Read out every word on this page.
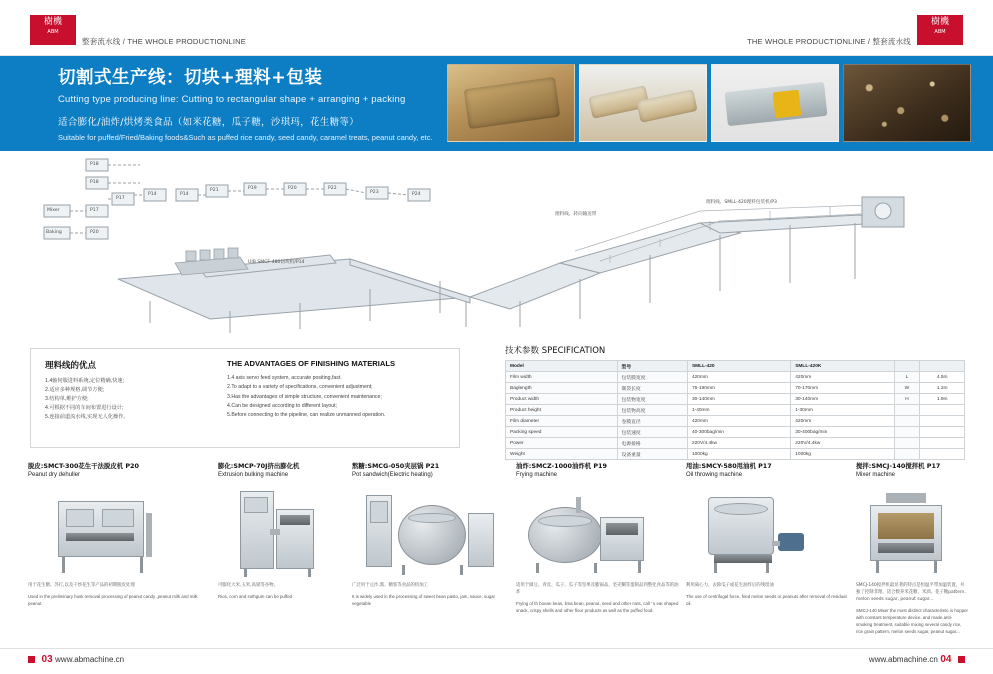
樹機
ABM
整套流水线 / THE WHOLE PRODUCTIONLINE	THE WHOLE PRODUCTIONLINE / 整套流水线
樹機
ABM
切割式生产线：切块+理料+包装
Cutting type producing line: Cutting to rectangular shape + arranging + packing
适合膨化/油炸/烘烤类食品（如米花糖，瓜子糖，沙琪玛，花生糖等）
Suitable for puffed/Fried/Baking foods&Such as puffed rice candy, seed candy, caramel treats, peanut candy, etc.
UIB SMCF-480切块机/P14
理料线、转向输送带
理料线、SMLL-420理料包装机/P3
P18
P18
P17
P14	P14
P21	P19	P20	P22
P23	P24
Mixer
Baking
P17
P20
理料线的优点
1.4轴伺服进料系统,定位精确,快速;
2.适应多种规格,调节方便;
3.结构单,维护方便;
4.可根据不同的车间布置进行设计;
5.连接前道流水线,实现无人化操作。
THE ADVANTAGES OF FINISHING MATERIALS
1.4 axis servo feed system, accurate positing,fast.
2.To adapt to a variety of specifications, convenient adjustment;
3.Has the advantages of simple structure, convenient maintenance;
4.Can be designed according to different layout;
5.Before connecting to the pipeline, can realize unmanned operation.
技术参数 SPECIFICATION
Model	型号	SMLL-420	SMLL-420K		
Film width	包装膜宽度	420mm	420mm	L	4.5m
Baglength	制袋长度	75-190mm	70-170mm	W	1.2m
Product width	包装物宽度	30-140mm	30-140mm	H	1.9m
Product height	包装物高度	1-40mm	1-30mm		
Film diameter	卷膜直径	420mm	420mm		
Packing speed	包装速度	40-300bag/min	30-400bag/min		
Power	电源接格	220V/4.4kw	220V/4.4kw		
Weight	设备重量	1000kg	1000kg		
脱皮:SMCT-300花生干法脱皮机 P20
Peanut dry dehuller
用于花生糖、苏打,以及干炒花生等产品的初期脱皮处理
Used in the preliminary husk removal processing of peanut candy ,peanut milk and milk peanut
膨化:SMCP-70J挤出膨化机
Extrusion bulking machine
可膨化大米,玉米,高梁等谷物。
Rios, corn and sothgum can be puffed
熬糖:SMCG-050夹层锅 P21
Pot sandwich(Electric heating)
广泛用于豆沙,酱、糖浆等食品的机加工
It is widely used in the processing of sweet bean pasto, jam, sauce, sugar vegetable
油炸:SMCZ-1000油炸机 P19
Frying machine
适用于做豆、青皮、瓜子、瓜子等坚果及膨锅品、坚壳糊等蛋制品到整化食品等的油炸
Frying of th boean beas, lima bean, peanut, seed and other nuts, call ' s ear shaped snack, crispy shells and other flour products as well as the puffed food.
甩油:SMCY-580甩油机 P17
Oil throwing machine
利用离心力、去除瓜子或花生油炸后的残留油
The use of centrifugal force, fried melon seeds or peanuts after removal of residual oil.
搅拌:SMCJ-140搅拌机 P17
Mixer machine
SMCJ-140搅拌机最显著的特点是恒温平带加温装置，并独了控制非理，适合数养米花糖、米酒、花子糖pattern, melon seeds sugar, peanut sugar...
SMCJ-140 Mixer the most distinct characteristic is hopper with constant temperature device, and made anti-smoking treatment, suitable mixing several candy rice, rice grain pattern, melon seeds sugar, peanut sugar...
03 www.abmachine.cn	www.abmachine.cn 04
